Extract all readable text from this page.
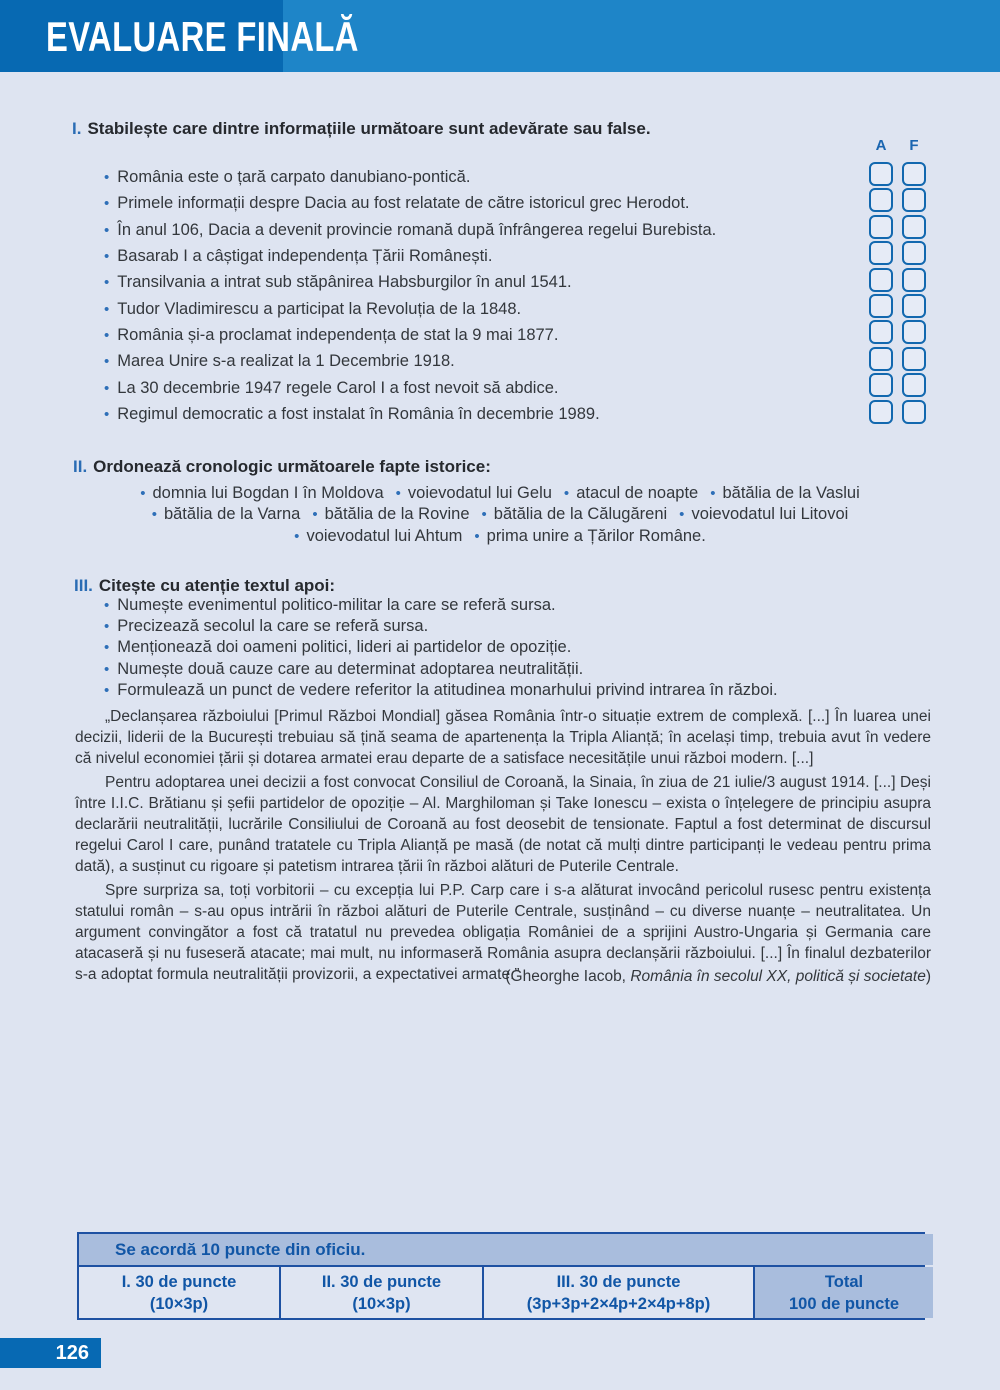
EVALUARE FINALĂ
I. Stabilește care dintre informațiile următoare sunt adevărate sau false.
• România este o țară carpato danubiano-pontică.
• Primele informații despre Dacia au fost relatate de către istoricul grec Herodot.
• În anul 106, Dacia a devenit provincie romană după înfrângerea regelui Burebista.
• Basarab I a câștigat independența Țării Românești.
• Transilvania a intrat sub stăpânirea Habsburgilor în anul 1541.
• Tudor Vladimirescu a participat la Revoluția de la 1848.
• România și-a proclamat independența de stat la 9 mai 1877.
• Marea Unire s-a realizat la 1 Decembrie 1918.
• La 30 decembrie 1947 regele Carol I a fost nevoit să abdice.
• Regimul democratic a fost instalat în România în decembrie 1989.
A	F
II. Ordonează cronologic următoarele fapte istorice:
• domnia lui Bogdan I în Moldova • voievodatul lui Gelu • atacul de noapte • bătălia de la Vaslui
• bătălia de la Varna • bătălia de la Rovine • bătălia de la Călugăreni • voievodatul lui Litovoi
• voievodatul lui Ahtum • prima unire a Țărilor Române.
III. Citește cu atenție textul apoi:
• Numește evenimentul politico-militar la care se referă sursa.
• Precizează secolul la care se referă sursa.
• Menționează doi oameni politici, lideri ai partidelor de opoziție.
• Numește două cauze care au determinat adoptarea neutralității.
• Formulează un punct de vedere referitor la atitudinea monarhului privind intrarea în război.

„Declanșarea războiului [Primul Război Mondial] găsea România într-o situație extrem de complexă. [...] În luarea unei decizii, liderii de la București trebuiau să țină seama de apartenența la Tripla Alianță; în același timp, trebuia avut în vedere că nivelul economiei țării și dotarea armatei erau departe de a satisface necesitățile unui război modern. [...]

Pentru adoptarea unei decizii a fost convocat Consiliul de Coroană, la Sinaia, în ziua de 21 iulie/3 august 1914. [...] Deși între I.I.C. Brătianu și șefii partidelor de opoziție – Al. Marghiloman și Take Ionescu – exista o înțelegere de principiu asupra declarării neutralității, lucrările Consiliului de Coroană au fost deosebit de tensionate. Faptul a fost determinat de discursul regelui Carol I care, punând tratatele cu Tripla Alianță pe masă (de notat că mulți dintre participanți le vedeau pentru prima dată), a susținut cu rigoare și patetism intrarea țării în război alături de Puterile Centrale.

Spre surpriza sa, toți vorbitorii – cu excepția lui P.P. Carp care i s-a alăturat invocând pericolul rusesc pentru existența statului român – s-au opus intrării în război alături de Puterile Centrale, susținând – cu diverse nuanțe – neutralitatea. Un argument convingător a fost că tratatul nu prevedea obligația României de a sprijini Austro-Ungaria și Germania care atacaseră și nu fuseseră atacate; mai mult, nu informaseră România asupra declanșării războiului. [...] În finalul dezbaterilor s-a adoptat formula neutralității provizorii, a expectativei armate.”

(Gheorghe Iacob, România în secolul XX, politică și societate)
Se acordă 10 puncte din oficiu.
I. 30 de puncte
(10×3p)
II. 30 de puncte
(10×3p)
III. 30 de puncte
(3p+3p+2×4p+2×4p+8p)
Total
100 de puncte
126
